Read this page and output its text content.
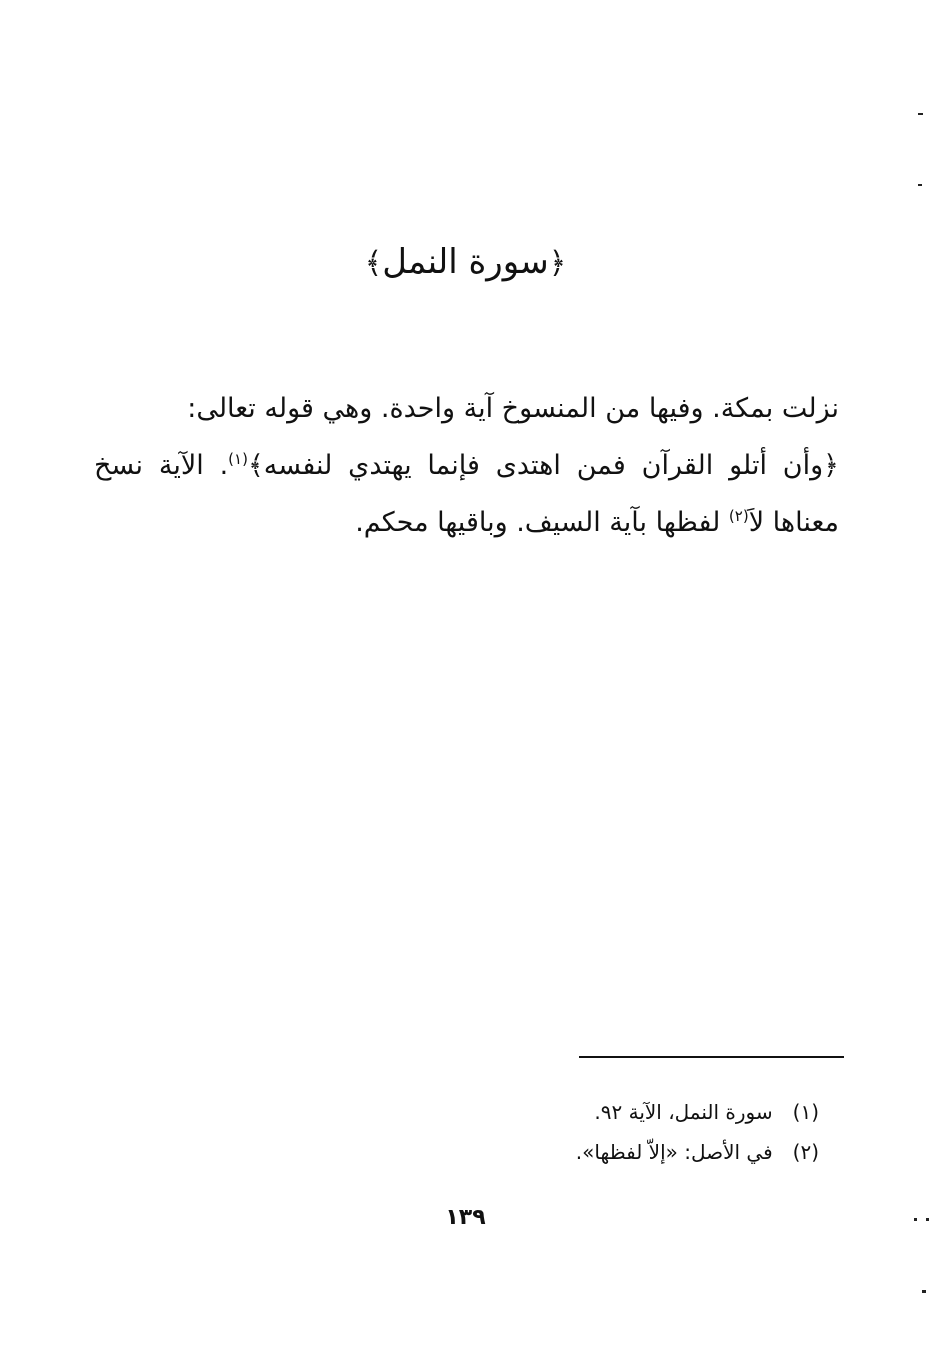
﴿سورة النمل﴾

نزلت بمكة. وفيها من المنسوخ آية واحدة. وهي قوله تعالى:

﴿وأن أتلو القرآن فمن اهتدى فإنما يهتدي لنفسه﴾$^{(١)}$. الآية نسخ معناها لاَ$^{(٢)}$ لفظها بآية السيف. وباقيها محكم.

(١) سورة النمل، الآية ٩٢.
(٢) في الأصل: «إلاّ لفظها».
١٣٩
